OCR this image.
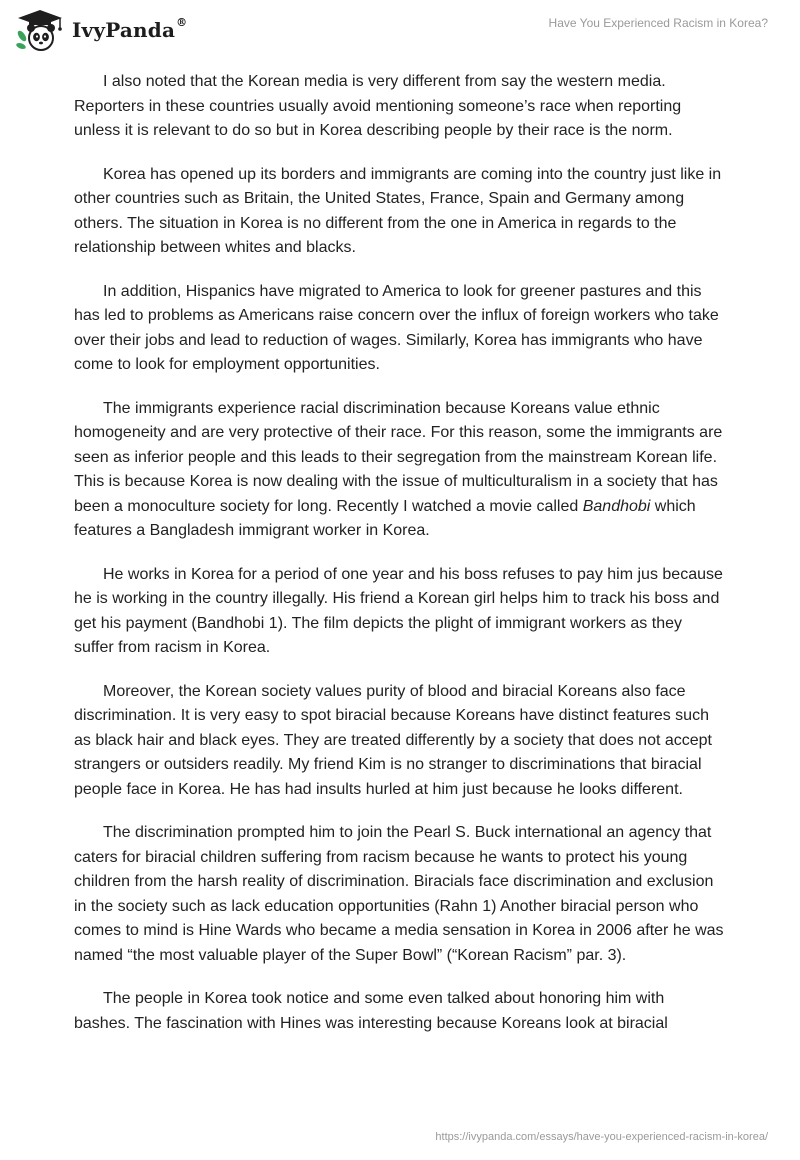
IvyPanda®	Have You Experienced Racism in Korea?

I also noted that the Korean media is very different from say the western media. Reporters in these countries usually avoid mentioning someone’s race when reporting unless it is relevant to do so but in Korea describing people by their race is the norm.

Korea has opened up its borders and immigrants are coming into the country just like in other countries such as Britain, the United States, France, Spain and Germany among others. The situation in Korea is no different from the one in America in regards to the relationship between whites and blacks.

In addition, Hispanics have migrated to America to look for greener pastures and this has led to problems as Americans raise concern over the influx of foreign workers who take over their jobs and lead to reduction of wages. Similarly, Korea has immigrants who have come to look for employment opportunities.

The immigrants experience racial discrimination because Koreans value ethnic homogeneity and are very protective of their race. For this reason, some the immigrants are seen as inferior people and this leads to their segregation from the mainstream Korean life. This is because Korea is now dealing with the issue of multiculturalism in a society that has been a monoculture society for long. Recently I watched a movie called Bandhobi which features a Bangladesh immigrant worker in Korea.

He works in Korea for a period of one year and his boss refuses to pay him jus because he is working in the country illegally. His friend a Korean girl helps him to track his boss and get his payment (Bandhobi 1). The film depicts the plight of immigrant workers as they suffer from racism in Korea.

Moreover, the Korean society values purity of blood and biracial Koreans also face discrimination. It is very easy to spot biracial because Koreans have distinct features such as black hair and black eyes. They are treated differently by a society that does not accept strangers or outsiders readily. My friend Kim is no stranger to discriminations that biracial people face in Korea. He has had insults hurled at him just because he looks different.

The discrimination prompted him to join the Pearl S. Buck international an agency that caters for biracial children suffering from racism because he wants to protect his young children from the harsh reality of discrimination. Biracials face discrimination and exclusion in the society such as lack education opportunities (Rahn 1) Another biracial person who comes to mind is Hine Wards who became a media sensation in Korea in 2006 after he was named “the most valuable player of the Super Bowl” (“Korean Racism” par. 3).

The people in Korea took notice and some even talked about honoring him with bashes. The fascination with Hines was interesting because Koreans look at biracial

https://ivypanda.com/essays/have-you-experienced-racism-in-korea/
